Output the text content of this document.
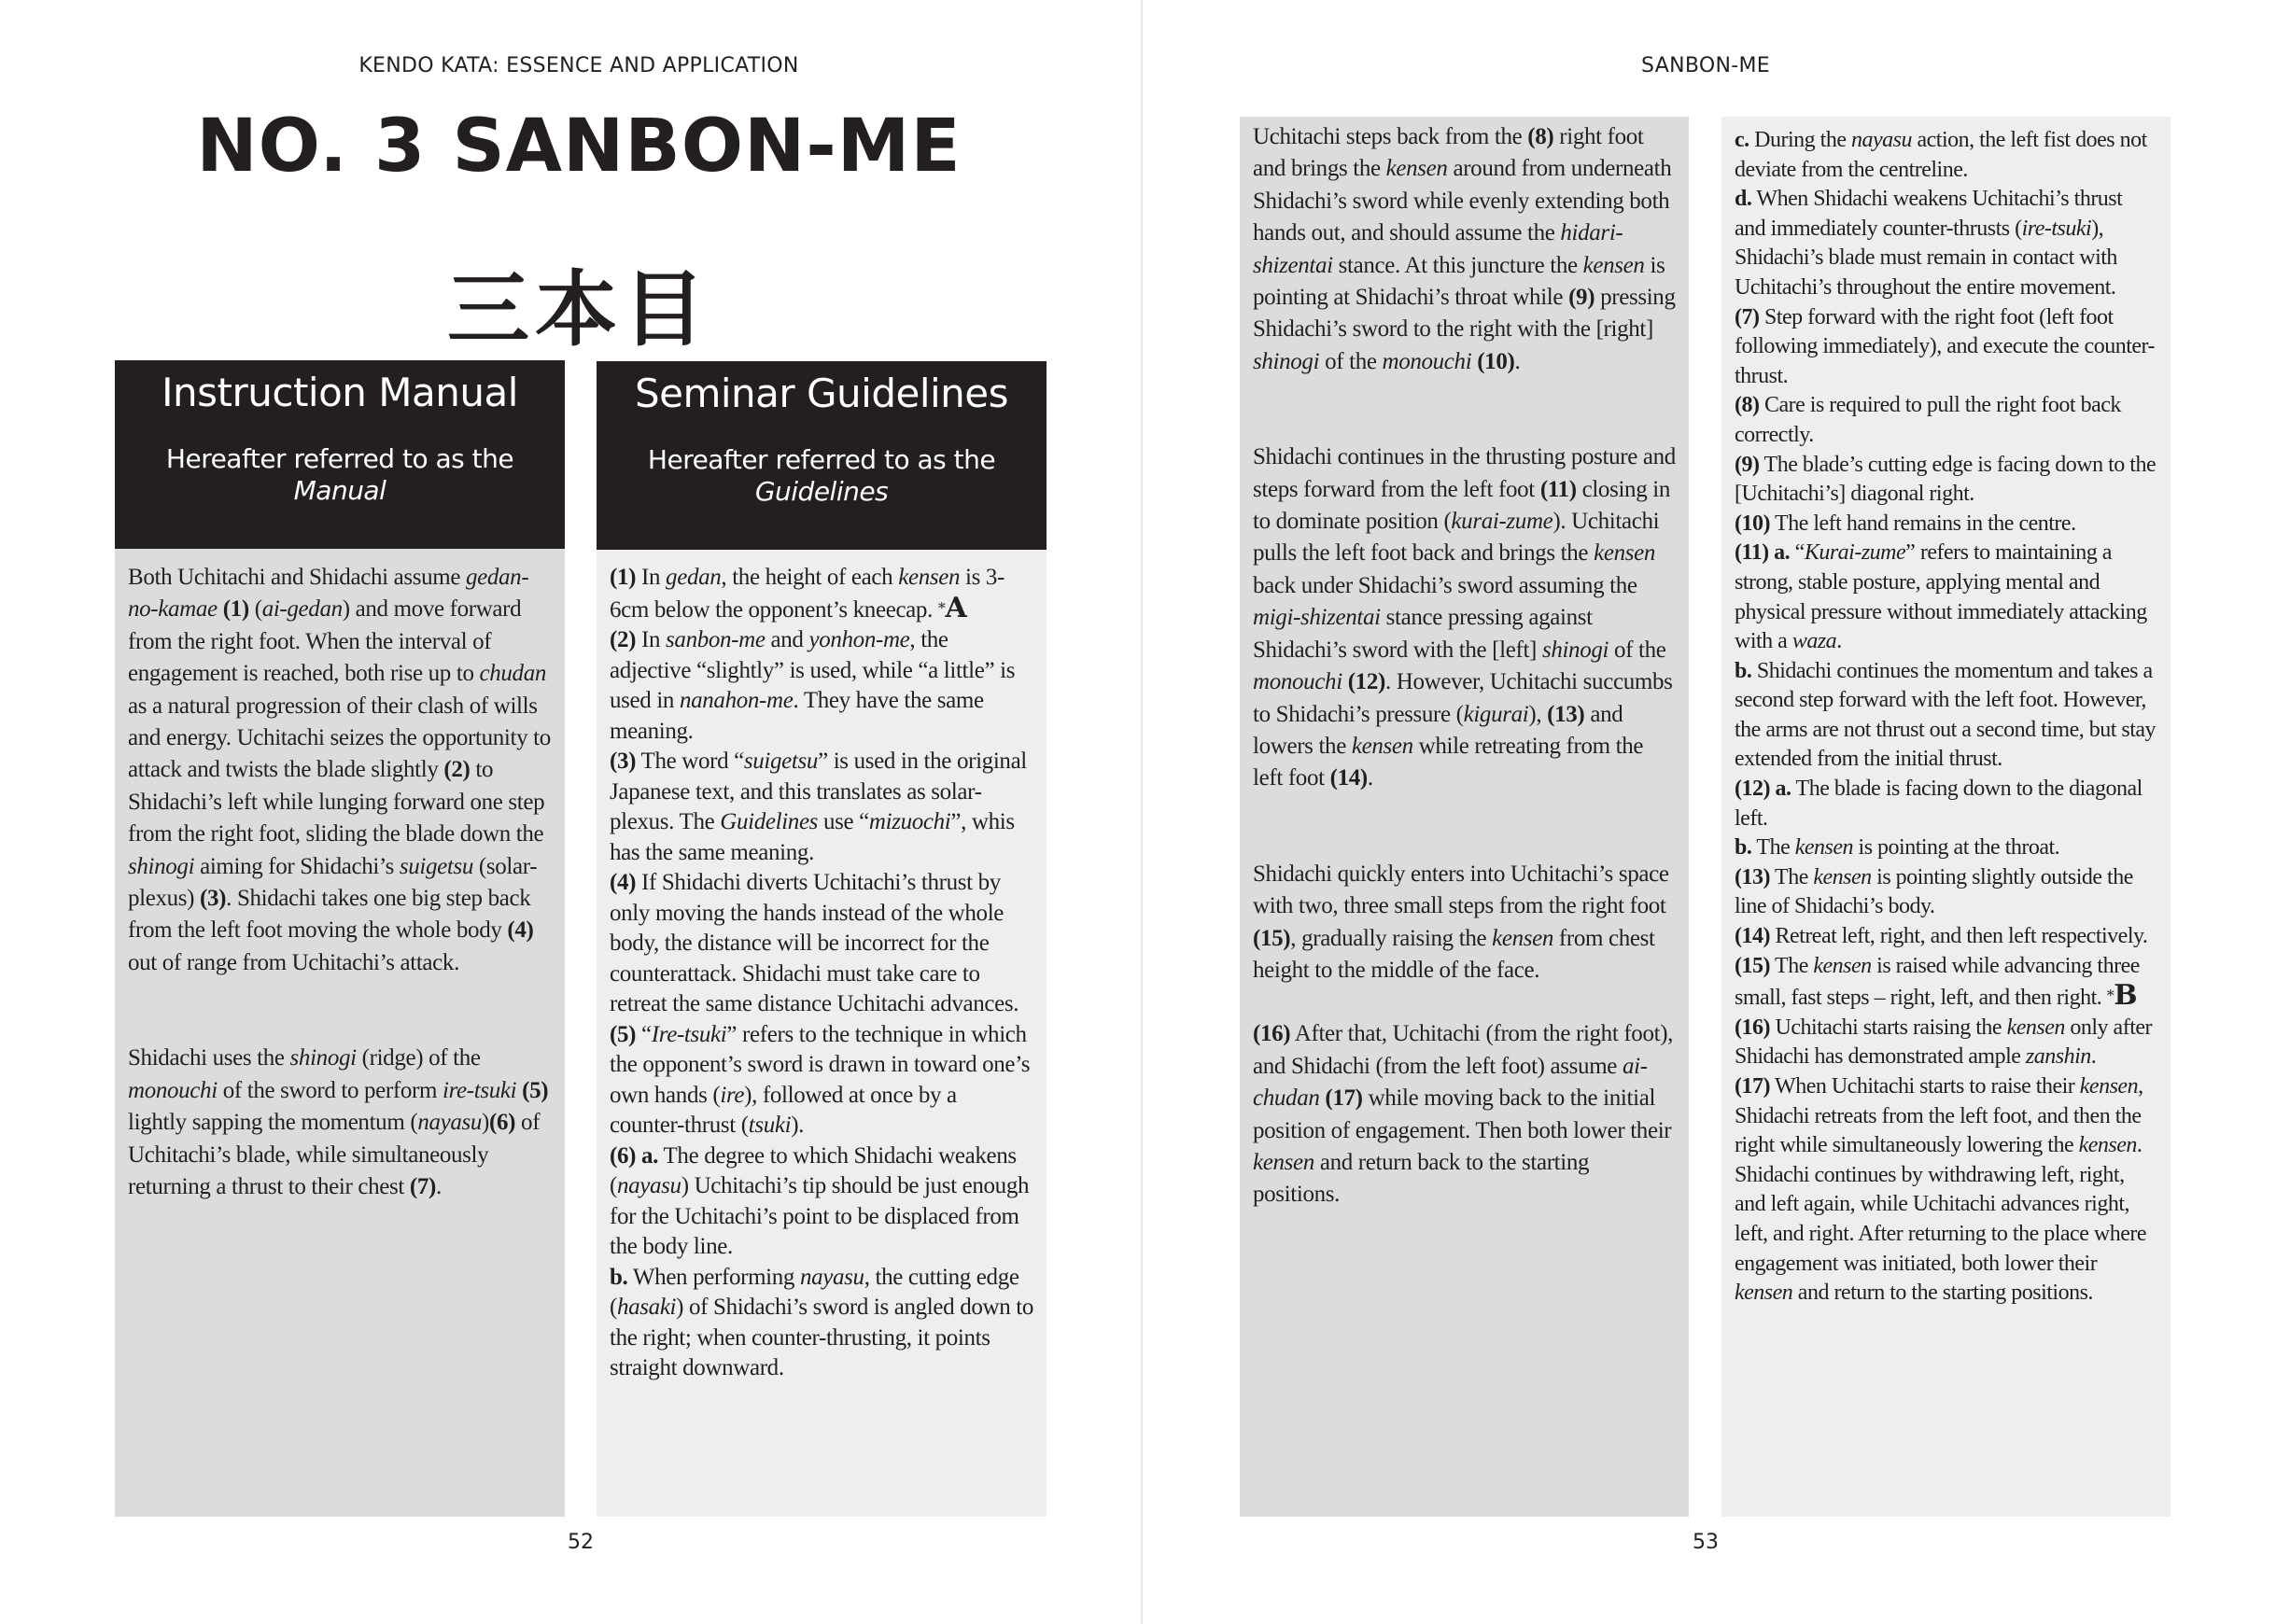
KENDO KATA: ESSENCE AND APPLICATION
NO. 3 SANBON-ME
三本目
Instruction Manual
Hereafter referred to as the
Manual

Both Uchitachi and Shidachi assume gedan-no-kamae (1) (ai-gedan) and move forward from the right foot. When the interval of engagement is reached, both rise up to chudan as a natural progression of their clash of wills and energy. Uchitachi seizes the opportunity to attack and twists the blade slightly (2) to Shidachi’s left while lunging forward one step from the right foot, sliding the blade down the shinogi aiming for Shidachi’s suigetsu (solar-plexus) (3). Shidachi takes one big step back from the left foot moving the whole body (4) out of range from Uchitachi’s attack.

Shidachi uses the shinogi (ridge) of the monouchi of the sword to perform ire-tsuki (5) lightly sapping the momentum (nayasu)(6) of Uchitachi’s blade, while simultaneously returning a thrust to their chest (7).

Seminar Guidelines
Hereafter referred to as the
Guidelines

(1) In gedan, the height of each kensen is 3-6cm below the opponent’s kneecap. * A

(2) In sanbon-me and yonhon-me, the adjective “slightly” is used, while “a little” is used in nanahon-me. They have the same meaning.

(3) The word “suigetsu” is used in the original Japanese text, and this translates as solar-plexus. The Guidelines use “mizuochi”, whis has the same meaning.

(4) If Shidachi diverts Uchitachi’s thrust by only moving the hands instead of the whole body, the distance will be incorrect for the counterattack. Shidachi must take care to retreat the same distance Uchitachi advances.

(5) “Ire-tsuki” refers to the technique in which the opponent’s sword is drawn in toward one’s own hands (ire), followed at once by a counter-thrust (tsuki).

(6) a. The degree to which Shidachi weakens (nayasu) Uchitachi’s tip should be just enough for the Uchitachi’s point to be displaced from the body line.

b. When performing nayasu, the cutting edge (hasaki) of Shidachi’s sword is angled down to the right; when counter-thrusting, it points straight downward.

52
SANBON-ME

Uchitachi steps back from the (8) right foot and brings the kensen around from underneath Shidachi’s sword while evenly extending both hands out, and should assume the hidari-shizentai stance. At this juncture the kensen is pointing at Shidachi’s throat while (9) pressing Shidachi’s sword to the right with the [right] shinogi of the monouchi (10).

Shidachi continues in the thrusting posture and steps forward from the left foot (11) closing in to dominate position (kurai-zume). Uchitachi pulls the left foot back and brings the kensen back under Shidachi’s sword assuming the migi-shizentai stance pressing against Shidachi’s sword with the [left] shinogi of the monouchi (12). However, Uchitachi succumbs to Shidachi’s pressure (kigurai), (13) and lowers the kensen while retreating from the left foot (14).

Shidachi quickly enters into Uchitachi’s space with two, three small steps from the right foot (15), gradually raising the kensen from chest height to the middle of the face.

(16) After that, Uchitachi (from the right foot), and Shidachi (from the left foot) assume ai-chudan (17) while moving back to the initial position of engagement. Then both lower their kensen and return back to the starting positions.

c. During the nayasu action, the left fist does not deviate from the centreline.

d. When Shidachi weakens Uchitachi’s thrust and immediately counter-thrusts (ire-tsuki), Shidachi’s blade must remain in contact with Uchitachi’s throughout the entire movement.

(7) Step forward with the right foot (left foot following immediately), and execute the counter-thrust.

(8) Care is required to pull the right foot back correctly.

(9) The blade’s cutting edge is facing down to the [Uchitachi’s] diagonal right.

(10) The left hand remains in the centre.

(11) a. “Kurai-zume” refers to maintaining a strong, stable posture, applying mental and physical pressure without immediately attacking with a waza.

b. Shidachi continues the momentum and takes a second step forward with the left foot. However, the arms are not thrust out a second time, but stay extended from the initial thrust.

(12) a. The blade is facing down to the diagonal left.

b. The kensen is pointing at the throat.

(13) The kensen is pointing slightly outside the line of Shidachi’s body.

(14) Retreat left, right, and then left respectively.

(15) The kensen is raised while advancing three small, fast steps – right, left, and then right. * B

(16) Uchitachi starts raising the kensen only after Shidachi has demonstrated ample zanshin.

(17) When Uchitachi starts to raise their kensen, Shidachi retreats from the left foot, and then the right while simultaneously lowering the kensen. Shidachi continues by withdrawing left, right, and left again, while Uchitachi advances right, left, and right. After returning to the place where engagement was initiated, both lower their kensen and return to the starting positions.

53
